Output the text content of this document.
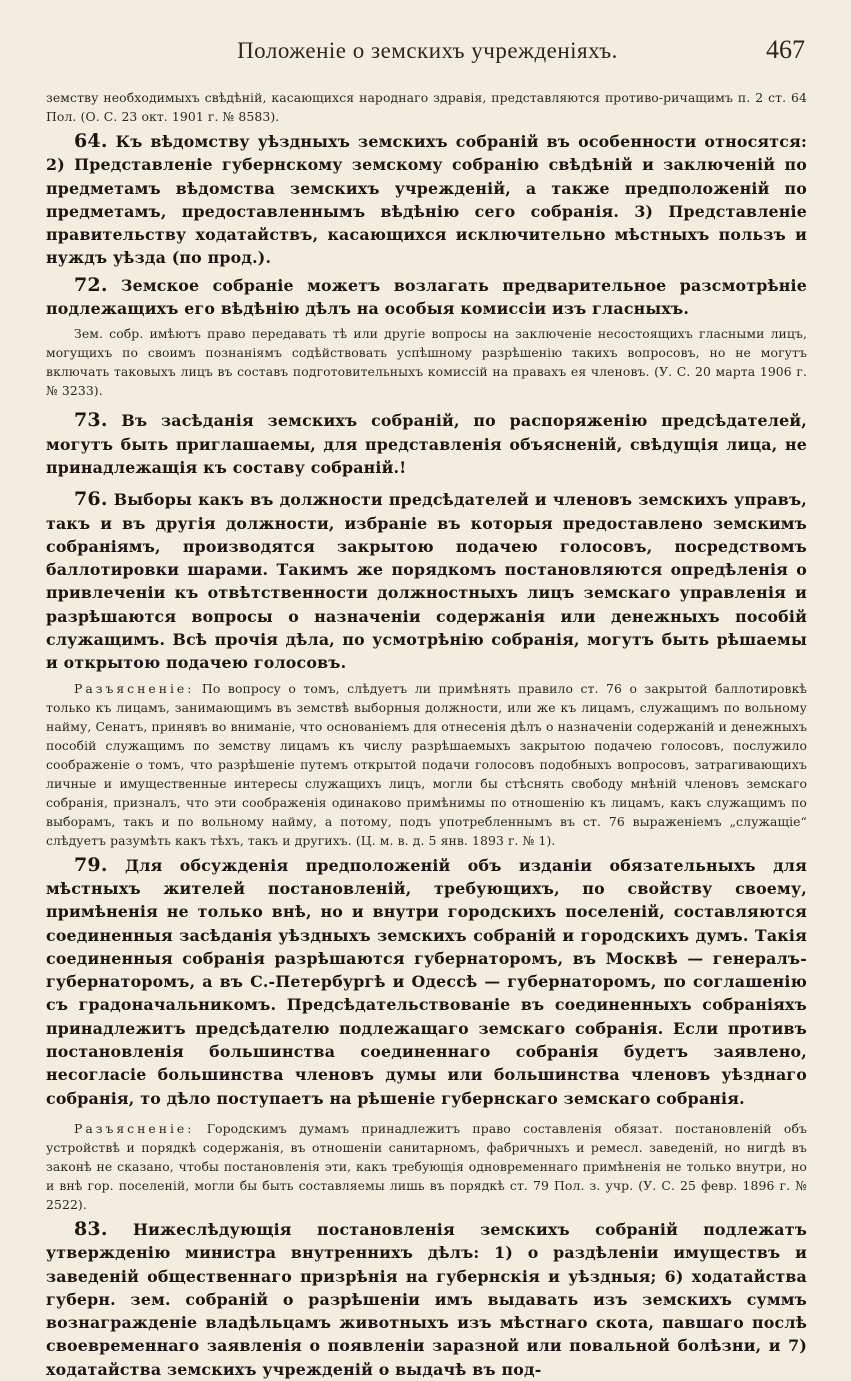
Положеніе о земскихъ учрежденіяхъ.	467

земству необходимыхъ свѣдѣній, касающихся народнаго здравія, представляются противо-ричащимъ п. 2 ст. 64 Пол. (О. С. 23 окт. 1901 г. № 8583).

64. Къ вѣдомству уѣздныхъ земскихъ собраній въ особенности относятся: 2) Представленіе губернскому земскому собранію свѣдѣній и заключеній по предметамъ вѣдомства земскихъ учрежденій, а также предположеній по предметамъ, предоставленнымъ вѣдѣнію сего собранія. 3) Представленіе правительству ходатайствъ, касающихся исключительно мѣстныхъ пользъ и нуждъ уѣзда (по прод.).

72. Земское собраніе можетъ возлагать предварительное разсмотрѣніе подлежащихъ его вѣдѣнію дѣлъ на особыя комиссіи изъ гласныхъ.

Зем. собр. имѣютъ право передавать тѣ или другіе вопросы на заключеніе несостоящихъ гласными лицъ, могущихъ по своимъ познаніямъ содѣйствовать успѣшному разрѣшенію такихъ вопросовъ, но не могутъ включать таковыхъ лицъ въ составъ подготовительныхъ комиссій на правахъ ея членовъ. (У. С. 20 марта 1906 г. № 3233).

73. Въ засѣданія земскихъ собраній, по распоряженію предсѣдателей, могутъ быть приглашаемы, для представленія объясненій, свѣдущія лица, не принадлежащія къ составу собраній.!

76. Выборы какъ въ должности предсѣдателей и членовъ земскихъ управъ, такъ и въ другія должности, избраніе въ которыя предоставлено земскимъ собраніямъ, производятся закрытою подачею голосовъ, посредствомъ баллотировки шарами. Такимъ же порядкомъ постановляются опредѣленія о привлеченіи къ отвѣтственности должностныхъ лицъ земскаго управленія и разрѣшаются вопросы о назначеніи содержанія или денежныхъ пособій служащимъ. Всѣ прочія дѣла, по усмотрѣнію собранія, могутъ быть рѣшаемы и открытою подачею голосовъ.

Разъясненіе: По вопросу о томъ, слѣдуетъ ли примѣнять правило ст. 76 о закрытой баллотировкѣ только къ лицамъ, занимающимъ въ земствѣ выборныя должности, или же къ лицамъ, служащимъ по вольному найму, Сенатъ, принявъ во вниманіе, что основаніемъ для отнесенія дѣлъ о назначеніи содержаній и денежныхъ пособій служащимъ по земству лицамъ къ числу разрѣшаемыхъ закрытою подачею голосовъ, послужило соображеніе о томъ, что разрѣшеніе путемъ открытой подачи голосовъ подобныхъ вопросовъ, затрагивающихъ личные и имущественные интересы служащихъ лицъ, могли бы стѣснять свободу мнѣній членовъ земскаго собранія, призналъ, что эти соображенія одинаково примѣнимы по отношенію къ лицамъ, какъ служащимъ по выборамъ, такъ и по вольному найму, а потому, подъ употребленнымъ въ ст. 76 выраженіемъ „служащіе“ слѣдуетъ разумѣть какъ тѣхъ, такъ и другихъ. (Ц. м. в. д. 5 янв. 1893 г. № 1).

79. Для обсужденія предположеній объ изданіи обязательныхъ для мѣстныхъ жителей постановленій, требующихъ, по свойству своему, примѣненія не только внѣ, но и внутри городскихъ поселеній, составляются соединенныя засѣданія уѣздныхъ земскихъ собраній и городскихъ думъ. Такія соединенныя собранія разрѣшаются губернаторомъ, въ Москвѣ — генералъ-губернаторомъ, а въ С.-Петербургѣ и Одессѣ — губернаторомъ, по соглашенію съ градоначальникомъ. Предсѣдательствованіе въ соединенныхъ собраніяхъ принадлежитъ предсѣдателю подлежащаго земскаго собранія. Если противъ постановленія большинства соединеннаго собранія будетъ заявлено, несогласіе большинства членовъ думы или большинства членовъ уѣзднаго собранія, то дѣло поступаетъ на рѣшеніе губернскаго земскаго собранія.

Разъясненіе: Городскимъ думамъ принадлежитъ право составленія обязат. постановленій объ устройствѣ и порядкѣ содержанія, въ отношеніи санитарномъ, фабричныхъ и ремесл. заведеній, но нигдѣ въ законѣ не сказано, чтобы постановленія эти, какъ требующія одновременнаго примѣненія не только внутри, но и внѣ гор. поселеній, могли бы быть составляемы лишь въ порядкѣ ст. 79 Пол. з. учр. (У. С. 25 февр. 1896 г. № 2522).

83. Нижеслѣдующія постановленія земскихъ собраній подлежатъ утвержденію министра внутреннихъ дѣлъ: 1) о раздѣленіи имуществъ и заведеній общественнаго призрѣнія на губернскія и уѣздныя; 6) ходатайства губерн. зем. собраній о разрѣшеніи имъ выдавать изъ земскихъ суммъ вознагражденіе владѣльцамъ животныхъ изъ мѣстнаго скота, павшаго послѣ своевременнаго заявленія о появленіи заразной или повальной болѣзни, и 7) ходатайства земскихъ учрежденій о выдачѣ въ под-
